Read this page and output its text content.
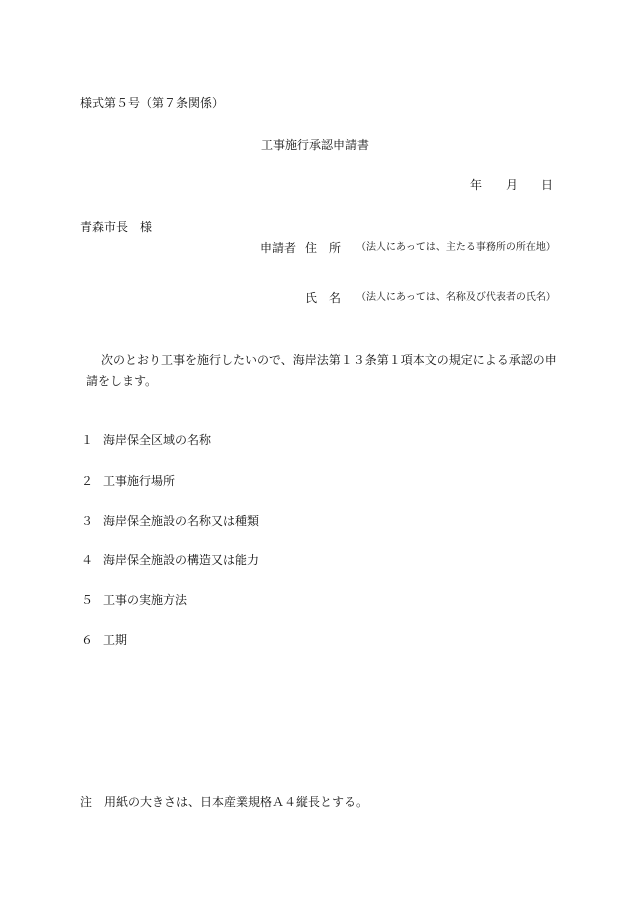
様式第５号（第７条関係）
工事施行承認申請書
年 月 日
青森市長　様
申請者 住　所 （法人にあっては、主たる事務所の所在地）
氏　名 （法人にあっては、名称及び代表者の氏名）
次のとおり工事を施行したいので、海岸法第１３条第１項本文の規定による承認の申
請をします。
１ 海岸保全区域の名称
２ 工事施行場所
３ 海岸保全施設の名称又は種類
４ 海岸保全施設の構造又は能力
５ 工事の実施方法
６ 工期
注　用紙の大きさは、日本産業規格Ａ４縦長とする。
